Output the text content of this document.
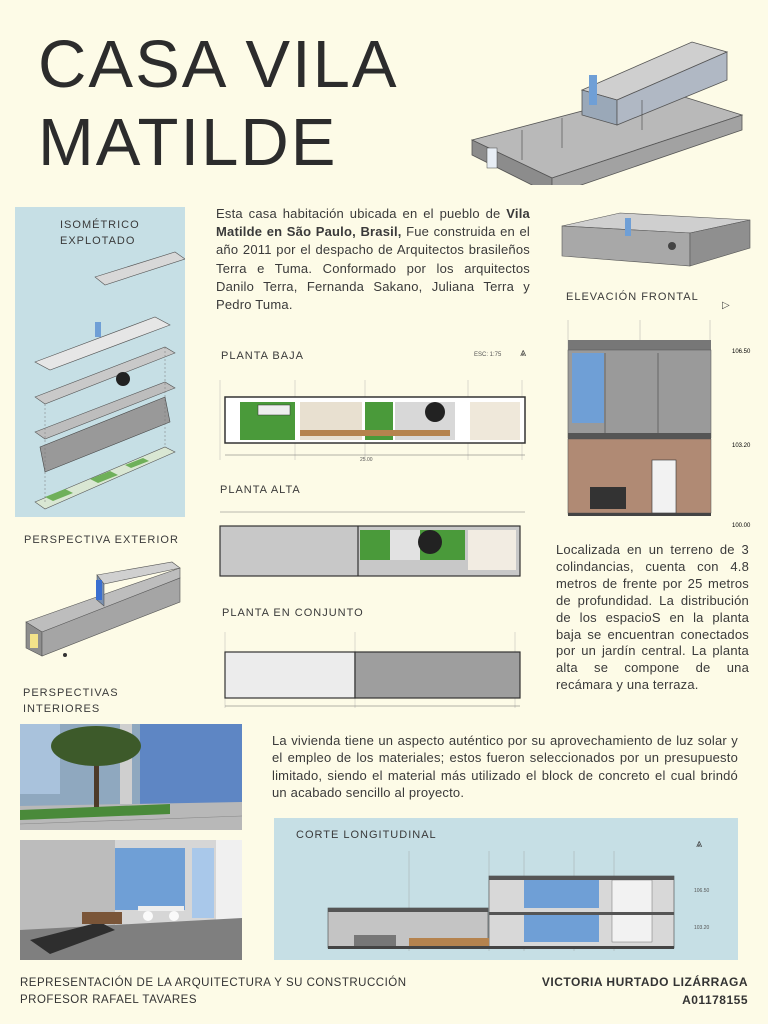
CASA VILA
MATILDE
ISOMÉTRICO
EXPLOTADO
Esta casa habitación ubicada en el pueblo de Vila Matilde en São Paulo, Brasil, Fue construida en el año 2011 por el despacho de Arquitectos brasileños Terra e Tuma. Conformado por los arquitectos Danilo Terra, Fernanda Sakano, Juliana Terra y Pedro Tuma.
ELEVACIÓN FRONTAL
▷
106.50
103.20
100.00
PLANTA BAJA	ESC: 1:75 ⩓
25.00
PLANTA ALTA
PERSPECTIVA EXTERIOR
PLANTA EN CONJUNTO
Localizada en un terreno de 3 colindancias, cuenta con 4.8 metros de frente por 25 metros de profundidad. La distribución de los espacioS en la planta baja se encuentran conectados por un jardín central. La planta alta se compone de una recámara y una terraza.
PERSPECTIVAS
INTERIORES
La vivienda tiene un aspecto auténtico por su aprovechamiento de luz solar y el empleo de los materiales; estos fueron seleccionados por un presupuesto limitado, siendo el material más utilizado el block de concreto el cual brindó un acabado sencillo al proyecto.
CORTE LONGITUDINAL
⩓
106.50
103.20
REPRESENTACIÓN DE LA ARQUITECTURA Y SU CONSTRUCCIÓN
PROFESOR RAFAEL TAVARES
VICTORIA HURTADO LIZÁRRAGA
A01178155
